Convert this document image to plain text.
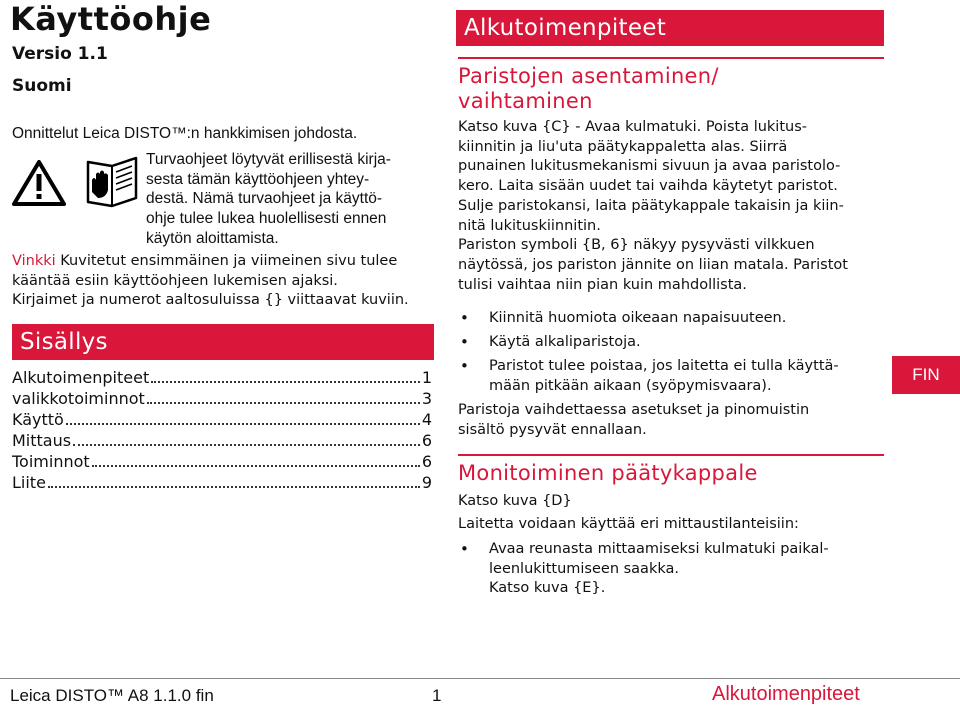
Käyttöohje
Versio 1.1
Suomi
Onnittelut Leica DISTO™:n hankkimisen johdosta.
Turvaohjeet löytyvät erillisestä kirja-
sesta tämän käyttöohjeen yhtey-
destä. Nämä turvaohjeet ja käyttö-
ohje tulee lukea huolellisesti ennen
käytön aloittamista.
Vinkki Kuvitetut ensimmäinen ja viimeinen sivu tulee
kääntää esiin käyttöohjeen lukemisen ajaksi.
Kirjaimet ja numerot aaltosuluissa {} viittaavat kuviin.
Sisällys
Alkutoimenpiteet	1
valikkotoiminnot	3
Käyttö	4
Mittaus	6
Toiminnot	6
Liite	9
Alkutoimenpiteet
Paristojen asentaminen/
vaihtaminen
Katso kuva {C} - Avaa kulmatuki. Poista lukitus-
kiinnitin ja liu'uta päätykappaletta alas. Siirrä
punainen lukitusmekanismi sivuun ja avaa paristolo-
kero. Laita sisään uudet tai vaihda käytetyt paristot.
Sulje paristokansi, laita päätykappale takaisin ja kiin-
nitä lukituskiinnitin.
Pariston symboli {B, 6} näkyy pysyvästi vilkkuen
näytössä, jos pariston jännite on liian matala. Paristot
tulisi vaihtaa niin pian kuin mahdollista.
• Kiinnitä huomiota oikeaan napaisuuteen.
• Käytä alkaliparistoja.
• Paristot tulee poistaa, jos laitetta ei tulla käyttä-
mään pitkään aikaan (syöpymisvaara).
Paristoja vaihdettaessa asetukset ja pinomuistin
sisältö pysyvät ennallaan.
Monitoiminen päätykappale
Katso kuva {D}
Laitetta voidaan käyttää eri mittaustilanteisiin:
• Avaa reunasta mittaamiseksi kulmatuki paikal-
leenlukittumiseen saakka.
Katso kuva {E}.
FIN
Leica DISTO™ A8 1.1.0 fin	1	Alkutoimenpiteet
